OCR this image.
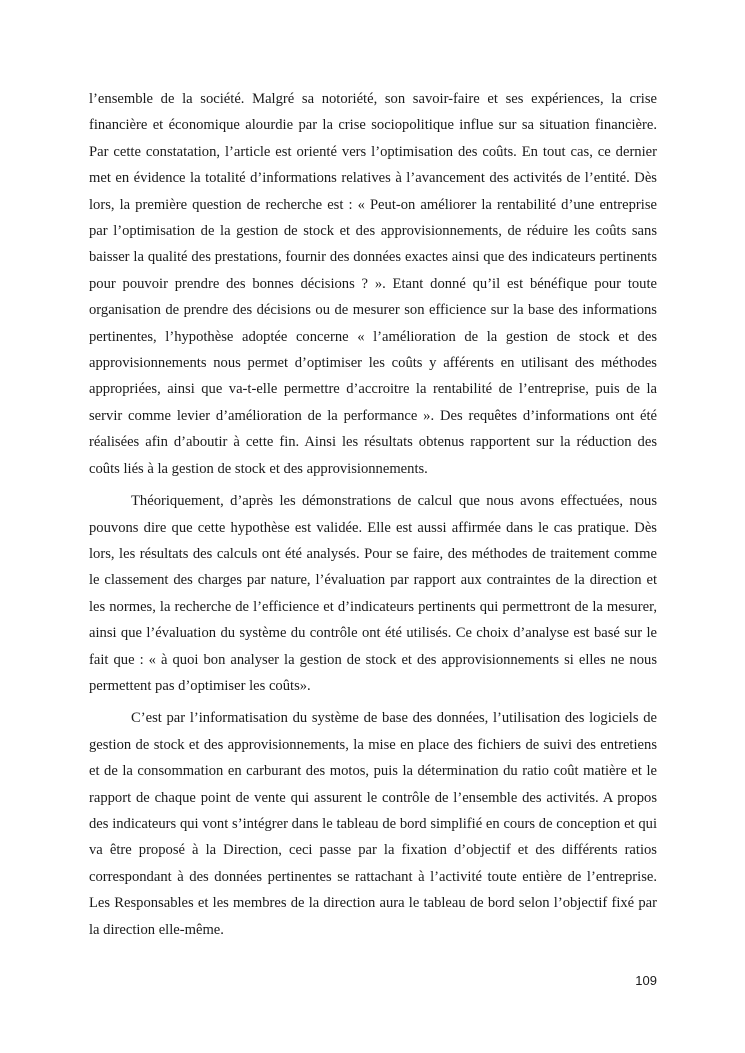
l’ensemble de la société. Malgré sa notoriété, son savoir-faire et ses expériences, la crise financière et économique alourdie par la crise sociopolitique influe sur sa situation financière. Par cette constatation, l’article est orienté vers l’optimisation des coûts. En tout cas, ce dernier met en évidence la totalité d’informations relatives à l’avancement des activités de l’entité. Dès lors, la première question de recherche est : « Peut-on améliorer la rentabilité d’une entreprise par l’optimisation de la gestion de stock et des approvisionnements, de réduire les coûts sans baisser la qualité des prestations, fournir des données exactes ainsi que des indicateurs pertinents pour pouvoir prendre des bonnes décisions ? ». Etant donné qu’il est bénéfique pour toute organisation de prendre des décisions ou de mesurer son efficience sur la base des informations pertinentes, l’hypothèse adoptée concerne « l’amélioration de la gestion de stock et des approvisionnements nous permet d’optimiser les coûts y afférents en utilisant des méthodes appropriées, ainsi que va-t-elle permettre d’accroitre la rentabilité de l’entreprise, puis de la servir comme levier d’amélioration de la performance ». Des requêtes d’informations ont été réalisées afin d’aboutir à cette fin. Ainsi les résultats obtenus rapportent sur la réduction des coûts liés à la gestion de stock et des approvisionnements.

Théoriquement, d’après les démonstrations de calcul que nous avons effectuées, nous pouvons dire que cette hypothèse est validée. Elle est aussi affirmée dans le cas pratique. Dès lors, les résultats des calculs ont été analysés. Pour se faire, des méthodes de traitement comme le classement des charges par nature, l’évaluation par rapport aux contraintes de la direction et les normes, la recherche de l’efficience et d’indicateurs pertinents qui permettront de la mesurer, ainsi que l’évaluation du système du contrôle ont été utilisés. Ce choix d’analyse est basé sur le fait que : « à quoi bon analyser la gestion de stock et des approvisionnements si elles ne nous permettent pas d’optimiser les coûts».

C’est par l’informatisation du système de base des données, l’utilisation des logiciels de gestion de stock et des approvisionnements, la mise en place des fichiers de suivi des entretiens et de la consommation en carburant des motos, puis la détermination du ratio coût matière et le rapport de chaque point de vente qui assurent le contrôle de l’ensemble des activités. A propos des indicateurs qui vont s’intégrer dans le tableau de bord simplifié en cours de conception et qui va être proposé à la Direction, ceci passe par la fixation d’objectif et des différents ratios correspondant à des données pertinentes se rattachant à l’activité toute entière de l’entreprise. Les Responsables et les membres de la direction aura le tableau de bord selon l’objectif fixé par la direction elle-même.

109
